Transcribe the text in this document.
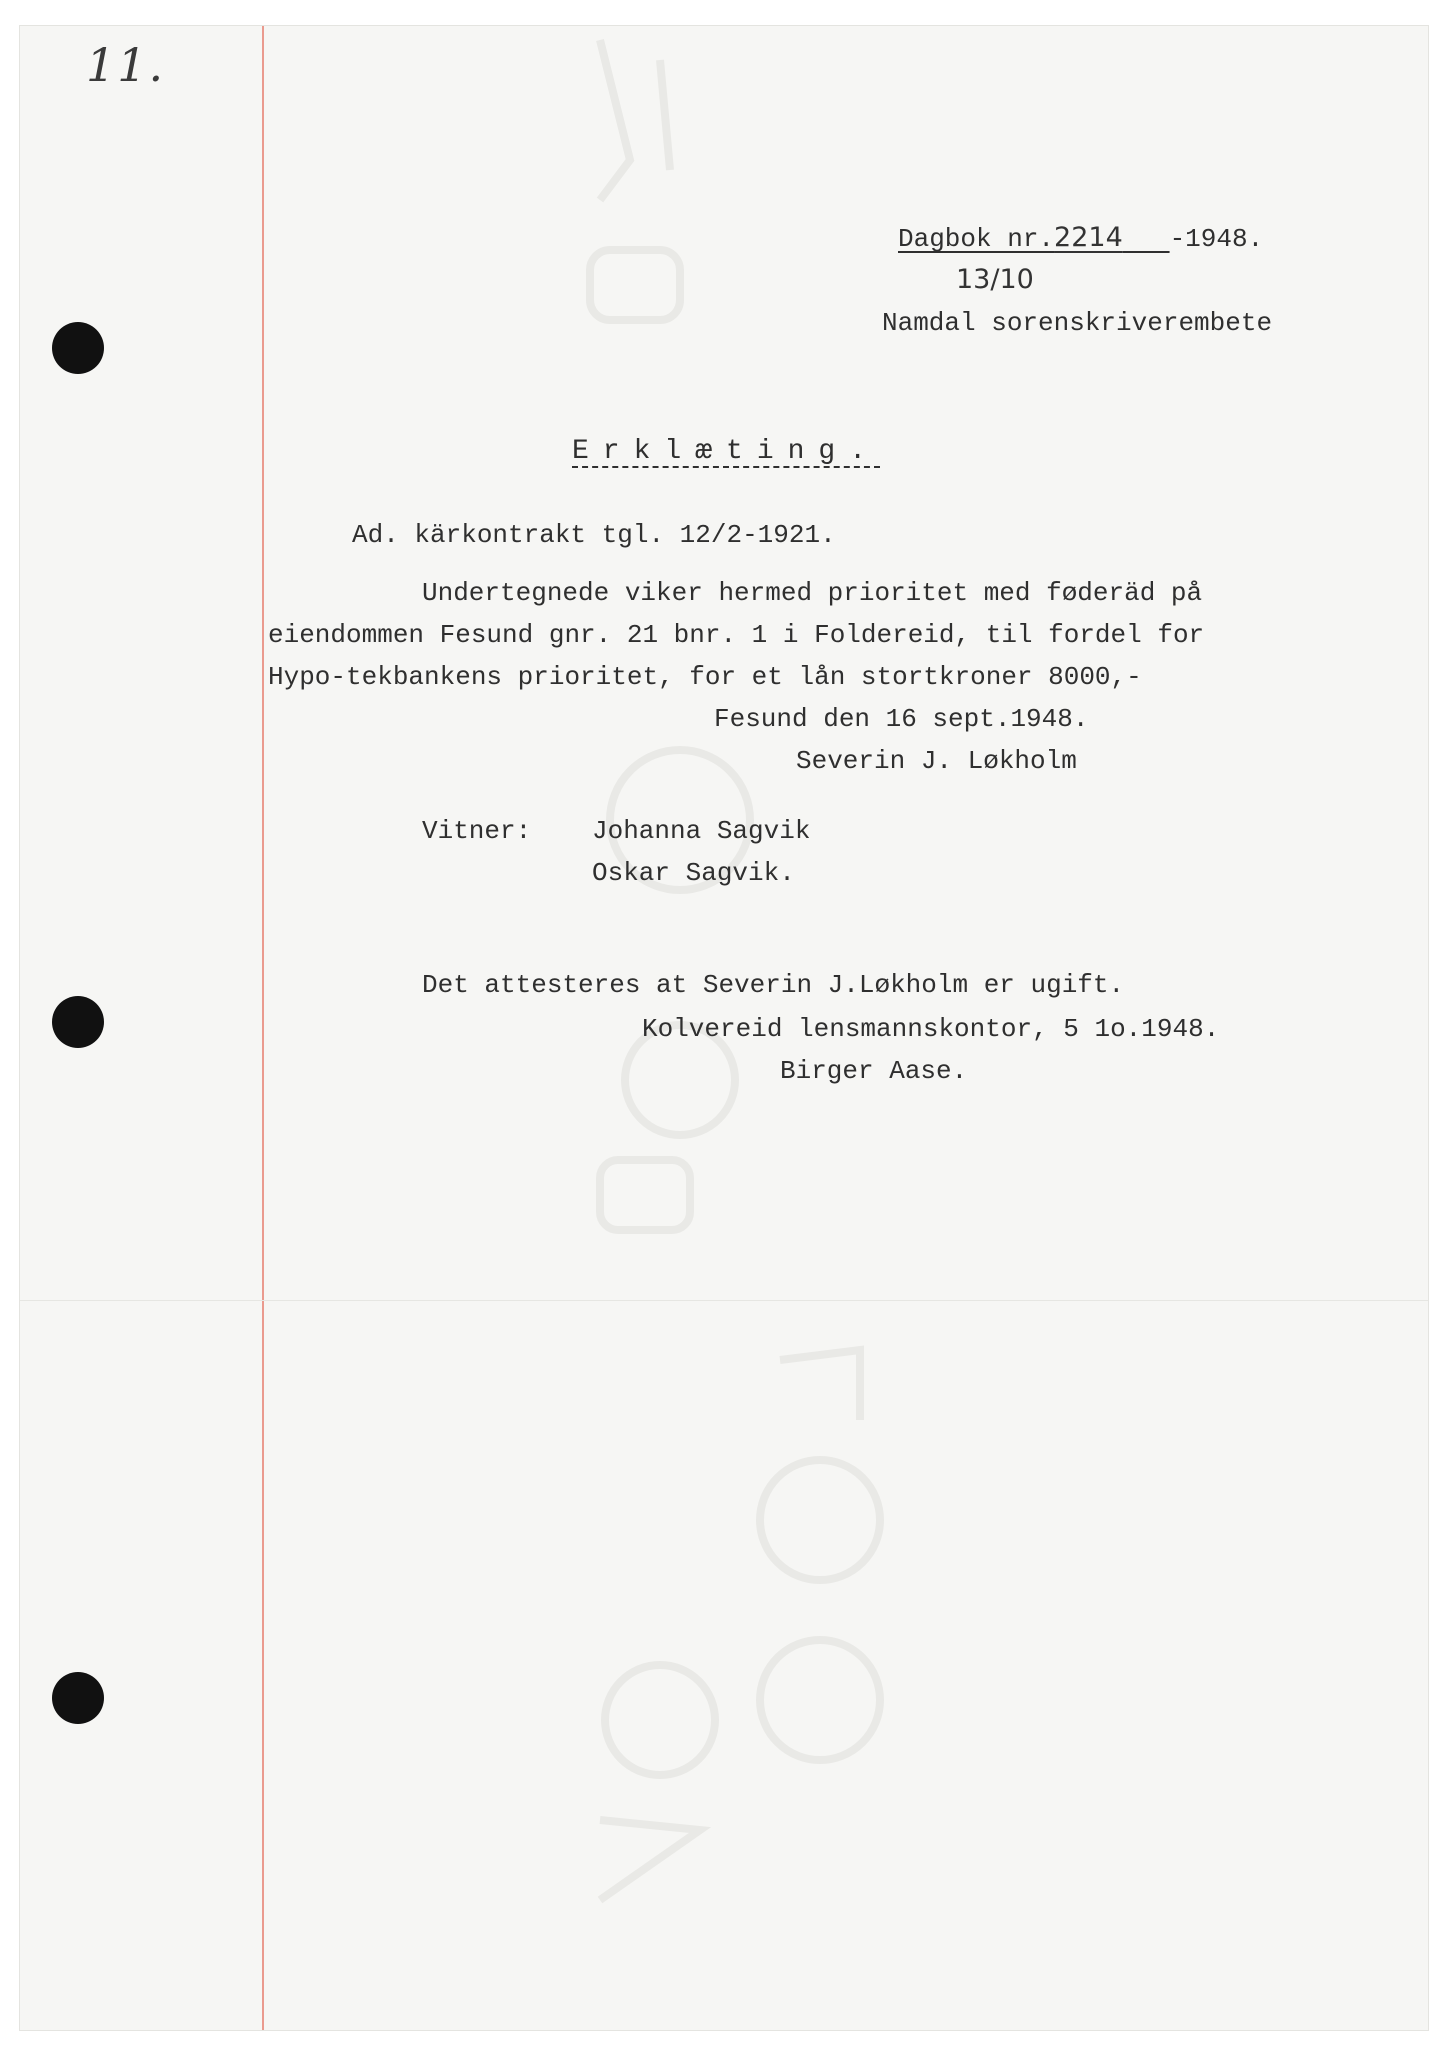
11.
Dagbok nr.2214 -1948.
13/10
Namdal sorenskriverembete
Erklæting.
Ad. kärkontrakt tgl. 12/2-1921.
Undertegnede viker hermed prioritet med føderäd på
eiendommen Fesund gnr. 21 bnr. 1 i Foldereid, til fordel for
Hypo-tekbankens prioritet, for et lån stortkroner 8000,-
Fesund den 16 sept.1948.
Severin J. Løkholm
Vitner: Johanna Sagvik
Oskar Sagvik.
Det attesteres at Severin J.Løkholm er ugift.
Kolvereid lensmannskontor, 5 1o.1948.
Birger Aase.
